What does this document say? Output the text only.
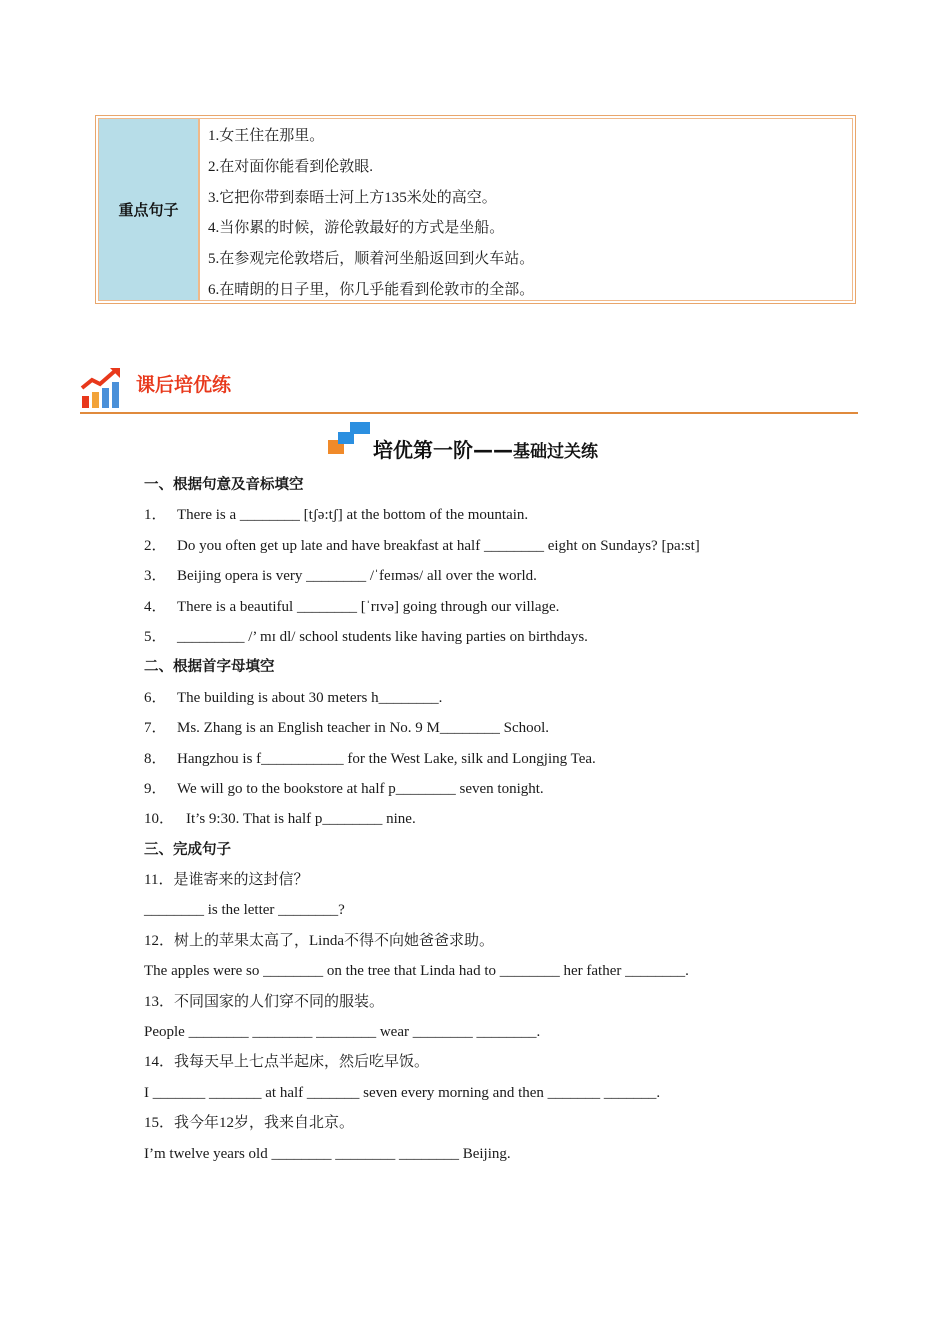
重点句子
1.女王住在那里。
2.在对面你能看到伦敦眼.
3.它把你带到泰晤士河上方135米处的高空。
4.当你累的时候，游伦敦最好的方式是坐船。
5.在参观完伦敦塔后，顺着河坐船返回到火车站。
6.在晴朗的日子里，你几乎能看到伦敦市的全部。
课后培优练
培优第一阶——基础过关练
一、根据句意及音标填空
1． There is a ________ [tʃə:tʃ] at the bottom of the mountain.
2． Do you often get up late and have breakfast at half ________ eight on Sundays? [pa:st]
3． Beijing opera is very ________ /ˈfeɪməs/ all over the world.
4． There is a beautiful ________ [ˈrɪvə] going through our village.
5． _________ /’ mɪ dl/ school students like having parties on birthdays.
二、根据首字母填空
6． The building is about 30 meters h________.
7． Ms. Zhang is an English teacher in No. 9 M________ School.
8． Hangzhou is f___________ for the West Lake, silk and Longjing Tea.
9． We will go to the bookstore at half p________ seven tonight.
10． It’s 9:30. That is half p________ nine.
三、完成句子
11．是谁寄来的这封信？
________ is the letter ________?
12．树上的苹果太高了，Linda不得不向她爸爸求助。
The apples were so ________ on the tree that Linda had to ________ her father ________.
13．不同国家的人们穿不同的服装。
People ________ ________ ________ wear ________ ________.
14．我每天早上七点半起床，然后吃早饭。
I _______ _______ at half _______ seven every morning and then _______ _______.
15．我今年12岁，我来自北京。
I’m twelve years old ________ ________ ________ Beijing.
